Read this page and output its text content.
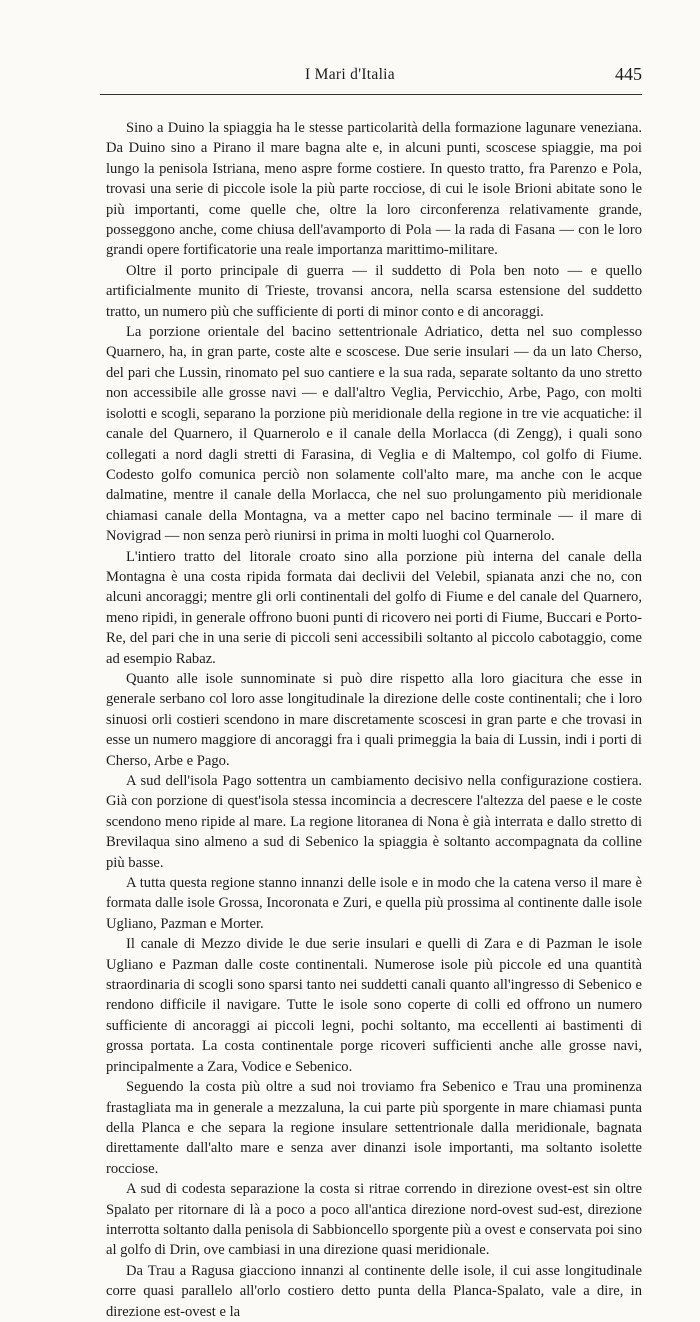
I Mari d'Italia	445

Sino a Duino la spiaggia ha le stesse particolarità della formazione lagunare veneziana. Da Duino sino a Pirano il mare bagna alte e, in alcuni punti, scoscese spiaggie, ma poi lungo la penisola Istriana, meno aspre forme costiere. In questo tratto, fra Parenzo e Pola, trovasi una serie di piccole isole la più parte rocciose, di cui le isole Brioni abitate sono le più importanti, come quelle che, oltre la loro circonferenza relativamente grande, posseggono anche, come chiusa dell'avamporto di Pola — la rada di Fasana — con le loro grandi opere fortificatorie una reale importanza marittimo-militare.

Oltre il porto principale di guerra — il suddetto di Pola ben noto — e quello artificialmente munito di Trieste, trovansi ancora, nella scarsa estensione del suddetto tratto, un numero più che sufficiente di porti di minor conto e di ancoraggi.

La porzione orientale del bacino settentrionale Adriatico, detta nel suo complesso Quarnero, ha, in gran parte, coste alte e scoscese. Due serie insulari — da un lato Cherso, del pari che Lussin, rinomato pel suo cantiere e la sua rada, separate soltanto da uno stretto non accessibile alle grosse navi — e dall'altro Veglia, Pervicchio, Arbe, Pago, con molti isolotti e scogli, separano la porzione più meridionale della regione in tre vie acquatiche: il canale del Quarnero, il Quarnerolo e il canale della Morlacca (di Zengg), i quali sono collegati a nord dagli stretti di Farasina, di Veglia e di Maltempo, col golfo di Fiume. Codesto golfo comunica perciò non solamente coll'alto mare, ma anche con le acque dalmatine, mentre il canale della Morlacca, che nel suo prolungamento più meridionale chiamasi canale della Montagna, va a metter capo nel bacino terminale — il mare di Novigrad — non senza però riunirsi in prima in molti luoghi col Quarnerolo.

L'intiero tratto del litorale croato sino alla porzione più interna del canale della Montagna è una costa ripida formata dai declivii del Velebil, spianata anzi che no, con alcuni ancoraggi; mentre gli orli continentali del golfo di Fiume e del canale del Quarnero, meno ripidi, in generale offrono buoni punti di ricovero nei porti di Fiume, Buccari e Porto-Re, del pari che in una serie di piccoli seni accessibili soltanto al piccolo cabotaggio, come ad esempio Rabaz.

Quanto alle isole sunnominate si può dire rispetto alla loro giacitura che esse in generale serbano col loro asse longitudinale la direzione delle coste continentali; che i loro sinuosi orli costieri scendono in mare discretamente scoscesi in gran parte e che trovasi in esse un numero maggiore di ancoraggi fra i quali primeggia la baia di Lussin, indi i porti di Cherso, Arbe e Pago.

A sud dell'isola Pago sottentra un cambiamento decisivo nella configurazione costiera. Già con porzione di quest'isola stessa incomincia a decrescere l'altezza del paese e le coste scendono meno ripide al mare. La regione litoranea di Nona è già interrata e dallo stretto di Brevilaqua sino almeno a sud di Sebenico la spiaggia è soltanto accompagnata da colline più basse.

A tutta questa regione stanno innanzi delle isole e in modo che la catena verso il mare è formata dalle isole Grossa, Incoronata e Zuri, e quella più prossima al continente dalle isole Ugliano, Pazman e Morter.

Il canale di Mezzo divide le due serie insulari e quelli di Zara e di Pazman le isole Ugliano e Pazman dalle coste continentali. Numerose isole più piccole ed una quantità straordinaria di scogli sono sparsi tanto nei suddetti canali quanto all'ingresso di Sebenico e rendono difficile il navigare. Tutte le isole sono coperte di colli ed offrono un numero sufficiente di ancoraggi ai piccoli legni, pochi soltanto, ma eccellenti ai bastimenti di grossa portata. La costa continentale porge ricoveri sufficienti anche alle grosse navi, principalmente a Zara, Vodice e Sebenico.

Seguendo la costa più oltre a sud noi troviamo fra Sebenico e Trau una prominenza frastagliata ma in generale a mezzaluna, la cui parte più sporgente in mare chiamasi punta della Planca e che separa la regione insulare settentrionale dalla meridionale, bagnata direttamente dall'alto mare e senza aver dinanzi isole importanti, ma soltanto isolette rocciose.

A sud di codesta separazione la costa si ritrae correndo in direzione ovest-est sin oltre Spalato per ritornare di là a poco a poco all'antica direzione nord-ovest sud-est, direzione interrotta soltanto dalla penisola di Sabbioncello sporgente più a ovest e conservata poi sino al golfo di Drin, ove cambiasi in una direzione quasi meridionale.

Da Trau a Ragusa giacciono innanzi al continente delle isole, il cui asse longitudinale corre quasi parallelo all'orlo costiero detto punta della Planca-Spalato, vale a dire, in direzione est-ovest e la
